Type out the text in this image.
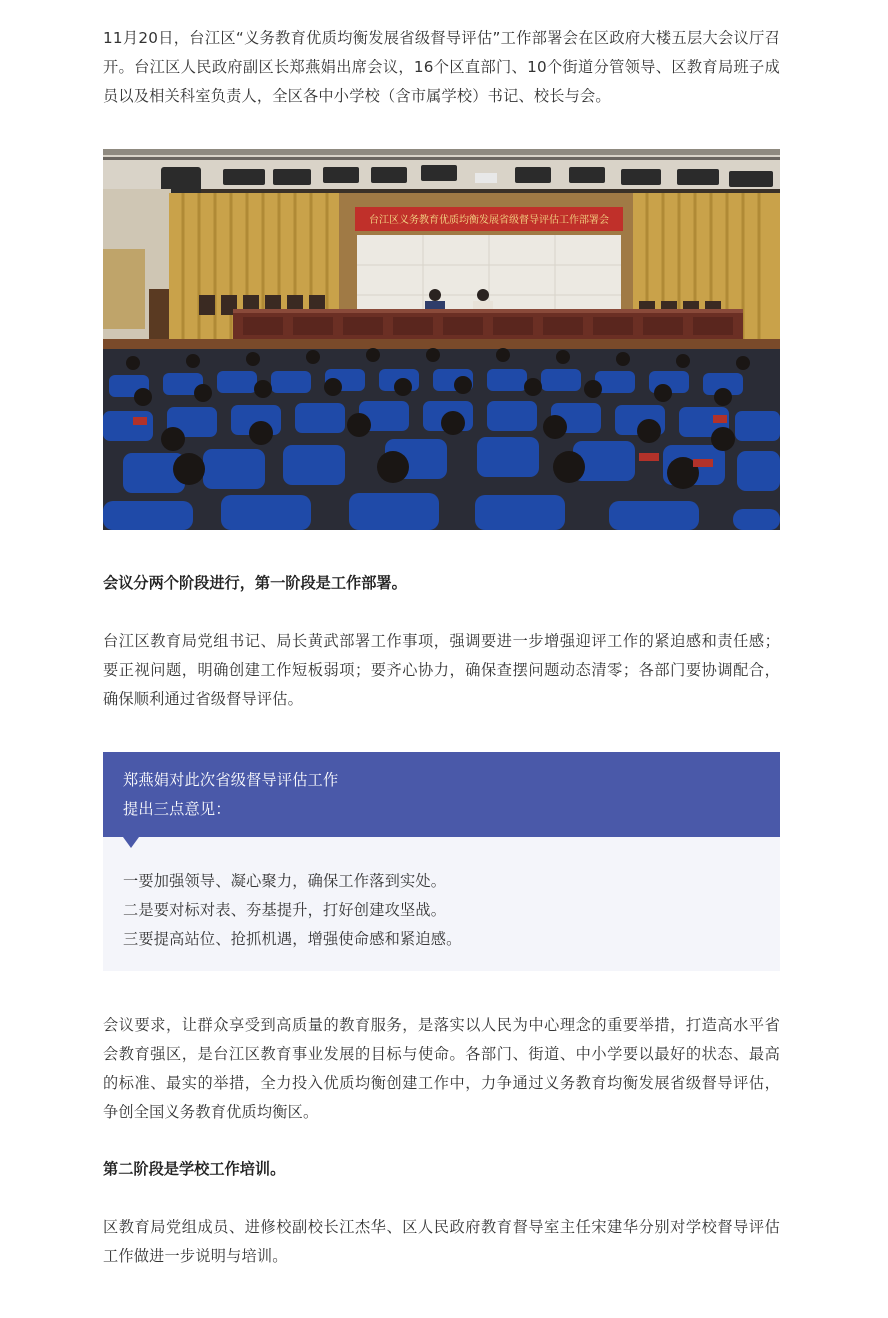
11月20日，台江区“义务教育优质均衡发展省级督导评估”工作部署会在区政府大楼五层大会议厅召开。台江区人民政府副区长郑燕娟出席会议，16个区直部门、10个街道分管领导、区教育局班子成员以及相关科室负责人，全区各中小学校（含市属学校）书记、校长与会。

台江区义务教育优质均衡发展省级督导评估工作部署会

会议分两个阶段进行，第一阶段是工作部署。

台江区教育局党组书记、局长黄武部署工作事项，强调要进一步增强迎评工作的紧迫感和责任感；要正视问题，明确创建工作短板弱项；要齐心协力，确保查摆问题动态清零；各部门要协调配合，确保顺利通过省级督导评估。

郑燕娟对此次省级督导评估工作
提出三点意见：

一要加强领导、凝心聚力，确保工作落到实处。
二是要对标对表、夯基提升，打好创建攻坚战。
三要提高站位、抢抓机遇，增强使命感和紧迫感。

会议要求，让群众享受到高质量的教育服务，是落实以人民为中心理念的重要举措，打造高水平省会教育强区，是台江区教育事业发展的目标与使命。各部门、街道、中小学要以最好的状态、最高的标准、最实的举措，全力投入优质均衡创建工作中，力争通过义务教育均衡发展省级督导评估，争创全国义务教育优质均衡区。

第二阶段是学校工作培训。

区教育局党组成员、进修校副校长江杰华、区人民政府教育督导室主任宋建华分别对学校督导评估工作做进一步说明与培训。
